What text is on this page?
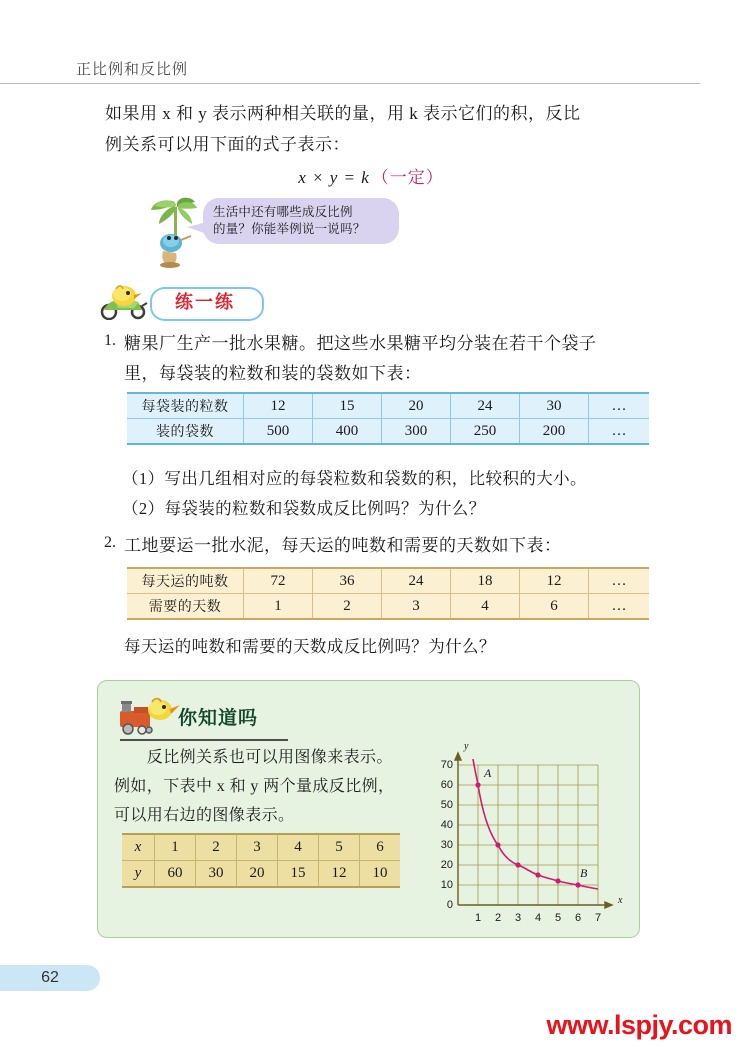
正比例和反比例
如果用 x 和 y 表示两种相关联的量，用 k 表示它们的积，反比
例关系可以用下面的式子表示：
x × y = k （一定）
生活中还有哪些成反比例
的量？你能举例说一说吗？
练一练
1. 糖果厂生产一批水果糖。把这些水果糖平均分装在若干个袋子
里，每袋装的粒数和装的袋数如下表：
每袋装的粒数	12	15	20	24	30	…
装的袋数	500	400	300	250	200	…
（1）写出几组相对应的每袋粒数和袋数的积，比较积的大小。
（2）每袋装的粒数和袋数成反比例吗？为什么？
2. 工地要运一批水泥，每天运的吨数和需要的天数如下表：
每天运的吨数	72	36	24	18	12	…
需要的天数	1	2	3	4	6	…
每天运的吨数和需要的天数成反比例吗？为什么？
你知道吗
　　反比例关系也可以用图像来表示。例如，下表中 x 和 y 两个量成反比例，可以用右边的图像表示。
x	1	2	3	4	5	6
y	60	30	20	15	12	10
0
10
20
30
40
50
60
70
1 2 3 4 5 6 7
y
x
A
B
62
www.lspjy.com
